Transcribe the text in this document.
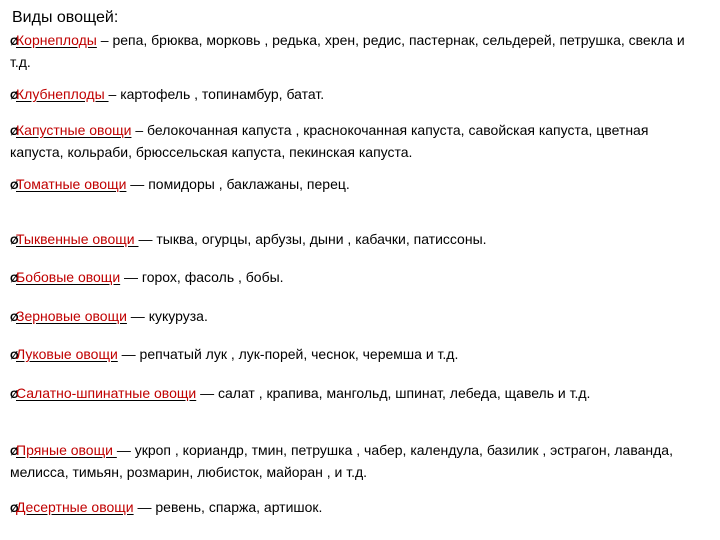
Виды овощей:
ØКорнеплоды – репа, брюква, морковь , редька, хрен, редис, пастернак, сельдерей, петрушка, свекла и т.д.
ØКлубнеплоды – картофель , топинамбур, батат.
ØКапустные овощи – белокочанная капуста , краснокочанная капуста, савойская капуста, цветная капуста, кольраби, брюссельская капуста, пекинская капуста.
ØТоматные овощи — помидоры , баклажаны, перец.
ØТыквенные овощи — тыква, огурцы, арбузы, дыни , кабачки, патиссоны.
ØБобовые овощи — горох, фасоль , бобы.
ØЗерновые овощи — кукуруза.
ØЛуковые овощи — репчатый лук , лук-порей, чеснок, черемша и т.д.
ØСалатно-шпинатные овощи — салат , крапива, мангольд, шпинат, лебеда, щавель и т.д.
ØПряные овощи — укроп , кориандр, тмин, петрушка , чабер, календула, базилик , эстрагон, лаванда, мелисса, тимьян, розмарин, любисток, майоран , и т.д.
ØДесертные овощи — ревень, спаржа, артишок.
